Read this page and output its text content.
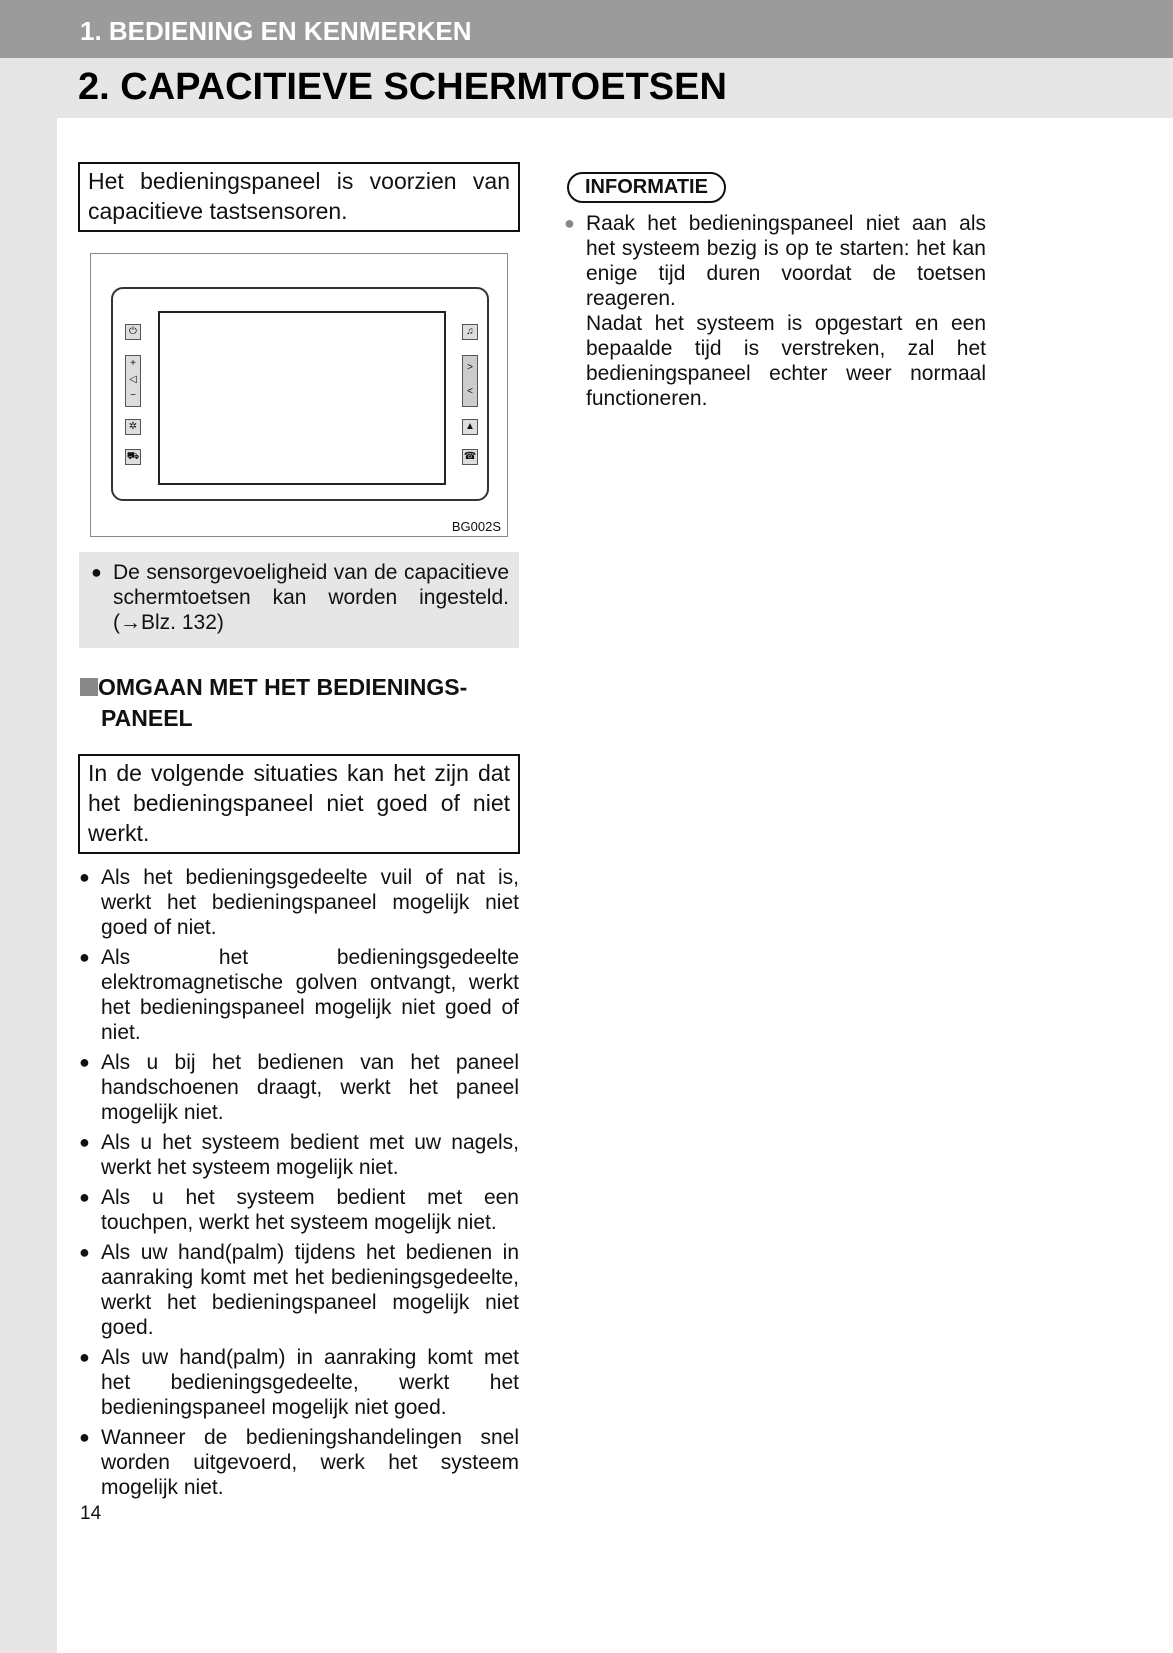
1. BEDIENING EN KENMERKEN
2. CAPACITIEVE SCHERMTOETSEN
Het bedieningspaneel is voorzien van capacitieve tastsensoren.
⏻
+
◁
−
✲
⛟
♫
>
<
▲
☎
BG002S
● De sensorgevoeligheid van de capacitieve schermtoetsen kan worden ingesteld. (→Blz. 132)
OMGAAN MET HET BEDIENINGS-
PANEEL
In de volgende situaties kan het zijn dat het bedieningspaneel niet goed of niet werkt.
● Als het bedieningsgedeelte vuil of nat is, werkt het bedieningspaneel mogelijk niet goed of niet.
● Als het bedieningsgedeelte elektromagnetische golven ontvangt, werkt het bedieningspaneel mogelijk niet goed of niet.
● Als u bij het bedienen van het paneel handschoenen draagt, werkt het paneel mogelijk niet.
● Als u het systeem bedient met uw nagels, werkt het systeem mogelijk niet.
● Als u het systeem bedient met een touchpen, werkt het systeem mogelijk niet.
● Als uw hand(palm) tijdens het bedienen in aanraking komt met het bedieningsgedeelte, werkt het bedieningspaneel mogelijk niet goed.
● Als uw hand(palm) in aanraking komt met het bedieningsgedeelte, werkt het bedieningspaneel mogelijk niet goed.
● Wanneer de bedieningshandelingen snel worden uitgevoerd, werk het systeem mogelijk niet.
INFORMATIE
● Raak het bedieningspaneel niet aan als het systeem bezig is op te starten: het kan enige tijd duren voordat de toetsen reageren.
Nadat het systeem is opgestart en een bepaalde tijd is verstreken, zal het bedieningspaneel echter weer normaal functioneren.
14
